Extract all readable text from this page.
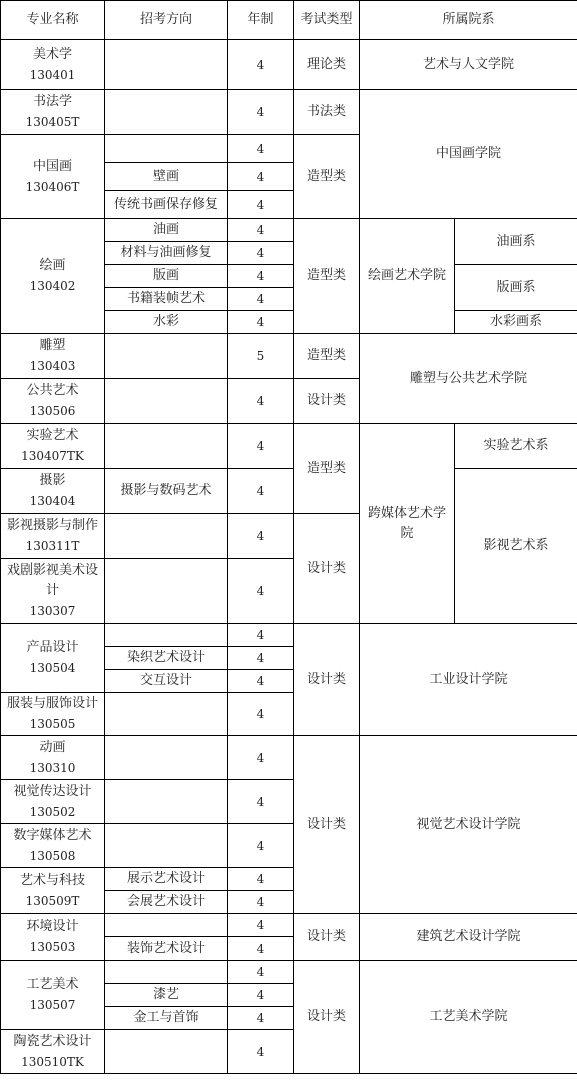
专业名称	招考方向	年制	考试类型	所属院系	

美术学
130401		4	理论类	艺术与人文学院	

书法学
130405T		4	书法类	中国画学院	

中国画
130406T		4	造型类		
	壁画	4			
	传统书画保存修复	4			

绘画
130402	油画	4	造型类	绘画艺术学院	油画系
	材料与油画修复	4			
	版画	4			版画系
	书籍装帧艺术	4			
	水彩	4			水彩画系

雕塑
130403		5	造型类	雕塑与公共艺术学院	

公共艺术
130506		4	设计类		

实验艺术
130407TK		4	造型类	跨媒体艺术学院	实验艺术系

摄影
130404	摄影与数码艺术	4			影视艺术系

影视摄影与制作
130311T		4	设计类		

戏剧影视美术设计
130307		4			

产品设计
130504		4	设计类	工业设计学院	
	染织艺术设计	4			
	交互设计	4			

服装与服饰设计
130505		4			

动画
130310		4	设计类	视觉艺术设计学院	

视觉传达设计
130502		4			

数字媒体艺术
130508		4			

艺术与科技
130509T	展示艺术设计	4			
	会展艺术设计	4			

环境设计
130503		4	设计类	建筑艺术设计学院	
	装饰艺术设计	4			

工艺美术
130507		4	设计类	工艺美术学院	
	漆艺	4			
	金工与首饰	4			

陶瓷艺术设计
130510TK		4			
